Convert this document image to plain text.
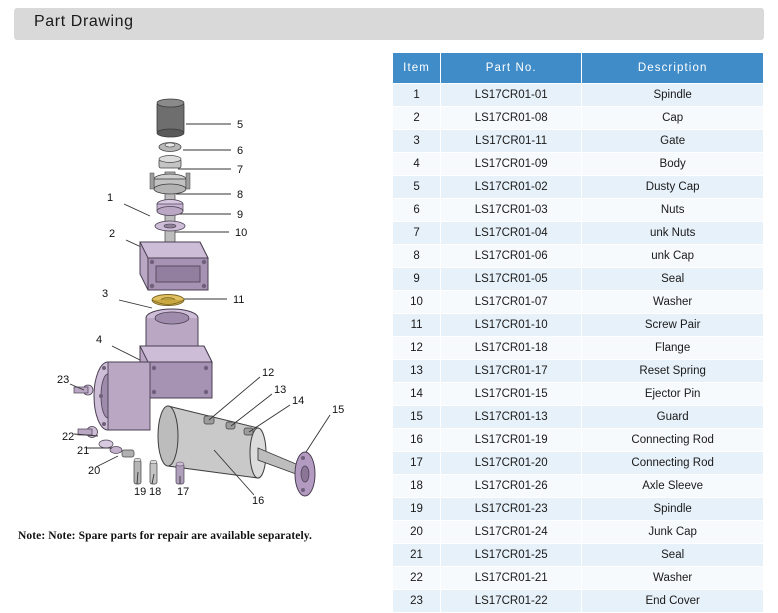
Part Drawing
1
2
3
4
5
6
7
8
9
10
11
12
13
14
15
16
17
18
19
20
21
22
23
Note: Note: Spare parts for repair are available separately.
Item	Part No.	Description
1	LS17CR01-01	Spindle
2	LS17CR01-08	Cap
3	LS17CR01-11	Gate
4	LS17CR01-09	Body
5	LS17CR01-02	Dusty Cap
6	LS17CR01-03	Nuts
7	LS17CR01-04	unk Nuts
8	LS17CR01-06	unk Cap
9	LS17CR01-05	Seal
10	LS17CR01-07	Washer
11	LS17CR01-10	Screw Pair
12	LS17CR01-18	Flange
13	LS17CR01-17	Reset Spring
14	LS17CR01-15	Ejector Pin
15	LS17CR01-13	Guard
16	LS17CR01-19	Connecting Rod
17	LS17CR01-20	Connecting Rod
18	LS17CR01-26	Axle Sleeve
19	LS17CR01-23	Spindle
20	LS17CR01-24	Junk Cap
21	LS17CR01-25	Seal
22	LS17CR01-21	Washer
23	LS17CR01-22	End Cover
